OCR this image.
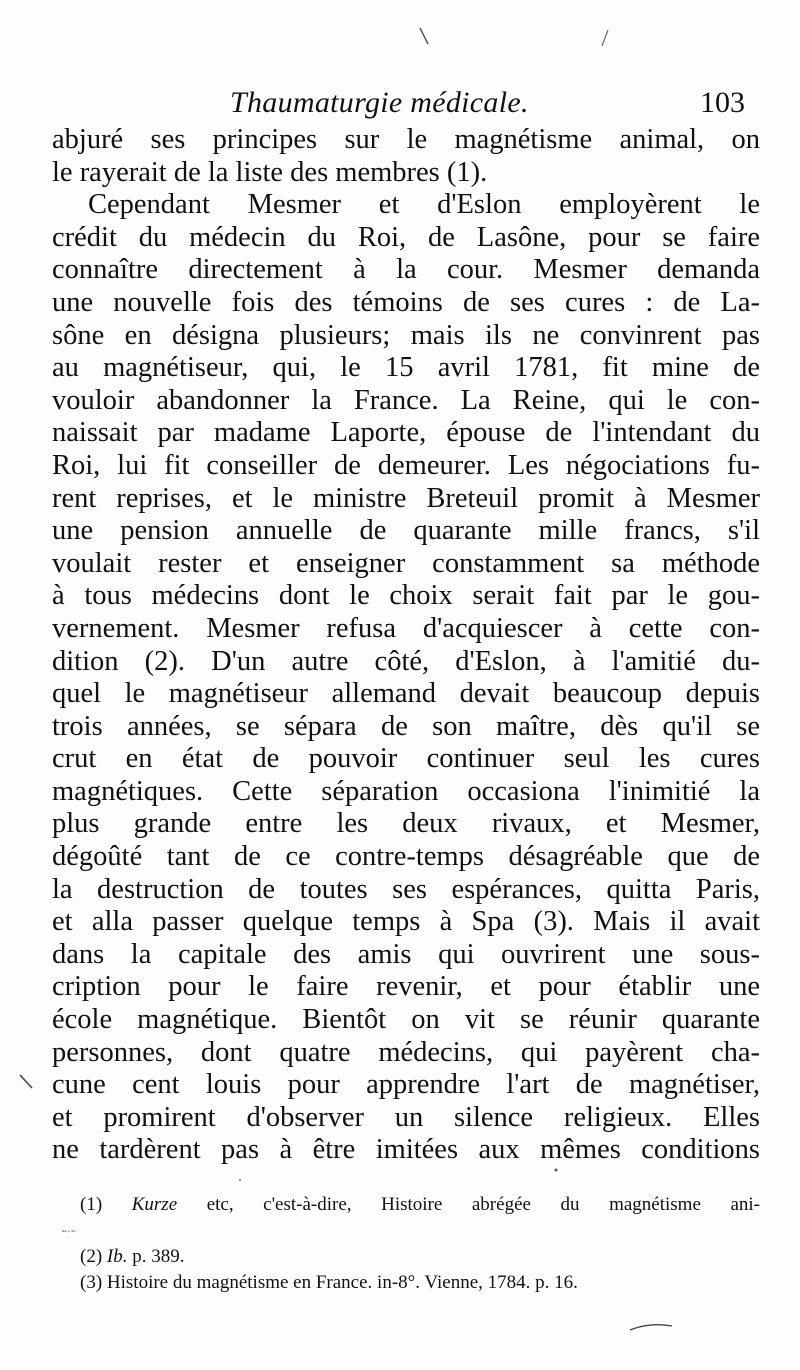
Thaumaturgie médicale.	103
abjuré ses principes sur le magnétisme animal, on
le rayerait de la liste des membres (1).
Cependant Mesmer et d'Eslon employèrent le
crédit du médecin du Roi, de Lasône, pour se faire
connaître directement à la cour. Mesmer demanda
une nouvelle fois des témoins de ses cures : de La-
sône en désigna plusieurs; mais ils ne convinrent pas
au magnétiseur, qui, le 15 avril 1781, fit mine de
vouloir abandonner la France. La Reine, qui le con-
naissait par madame Laporte, épouse de l'intendant du
Roi, lui fit conseiller de demeurer. Les négociations fu-
rent reprises, et le ministre Breteuil promit à Mesmer
une pension annuelle de quarante mille francs, s'il
voulait rester et enseigner constamment sa méthode
à tous médecins dont le choix serait fait par le gou-
vernement. Mesmer refusa d'acquiescer à cette con-
dition (2). D'un autre côté, d'Eslon, à l'amitié du-
quel le magnétiseur allemand devait beaucoup depuis
trois années, se sépara de son maître, dès qu'il se
crut en état de pouvoir continuer seul les cures
magnétiques. Cette séparation occasiona l'inimitié la
plus grande entre les deux rivaux, et Mesmer,
dégoûté tant de ce contre-temps désagréable que de
la destruction de toutes ses espérances, quitta Paris,
et alla passer quelque temps à Spa (3). Mais il avait
dans la capitale des amis qui ouvrirent une sous-
cription pour le faire revenir, et pour établir une
école magnétique. Bientôt on vit se réunir quarante
personnes, dont quatre médecins, qui payèrent cha-
cune cent louis pour apprendre l'art de magnétiser,
et promirent d'observer un silence religieux. Elles
ne tardèrent pas à être imitées aux mêmes conditions
(1) Kurze etc, c'est-à-dire, Histoire abrégée du magnétisme ani-
mal, p. 351.
(2) Ib. p. 389.
(3) Histoire du magnétisme en France. in-8°. Vienne, 1784. p. 16.
